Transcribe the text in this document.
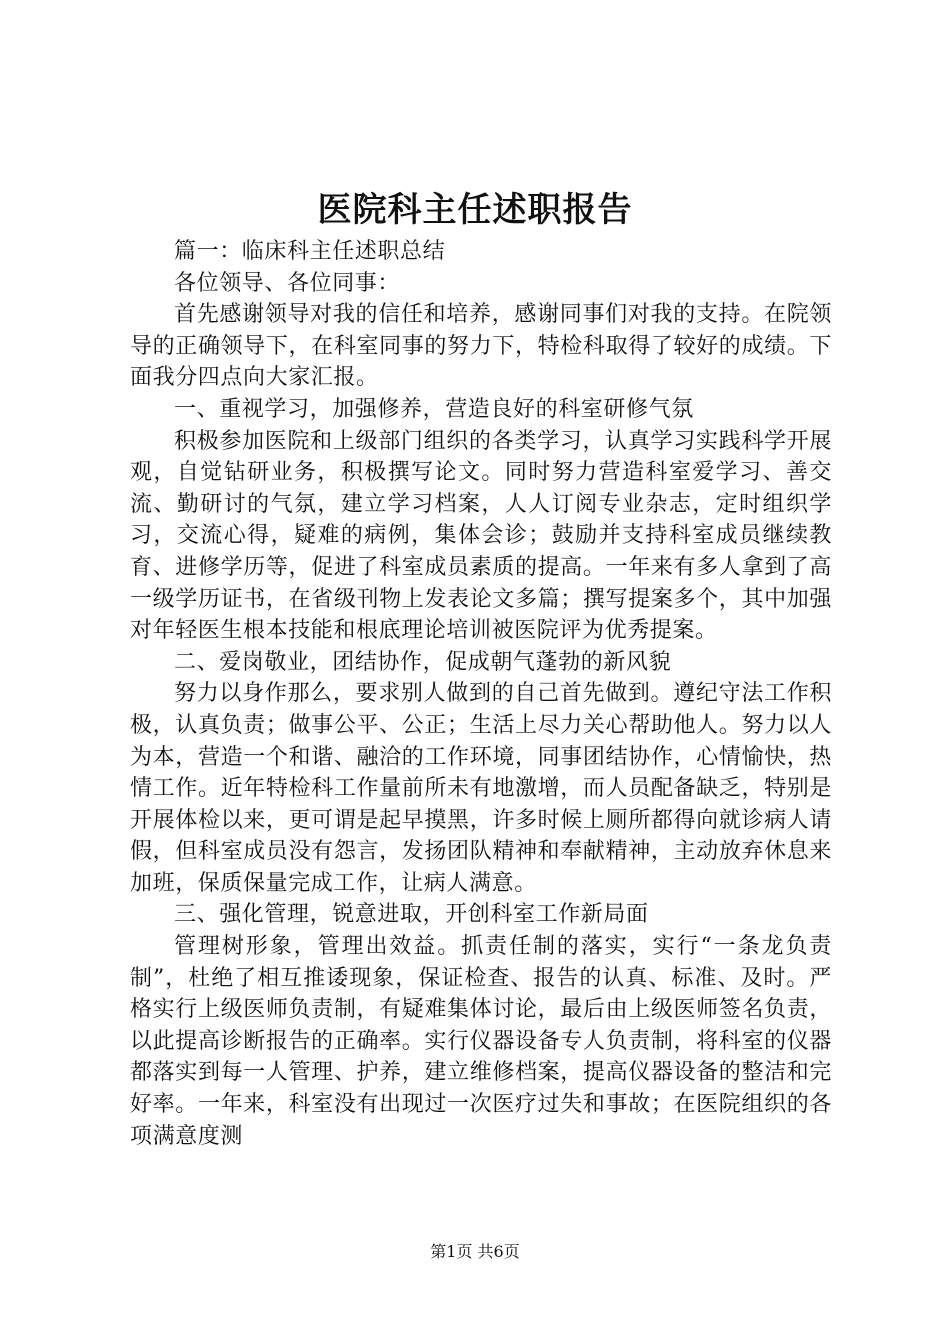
医院科主任述职报告

篇一：临床科主任述职总结

各位领导、各位同事：

首先感谢领导对我的信任和培养，感谢同事们对我的支持。在院领导的正确领导下，在科室同事的努力下，特检科取得了较好的成绩。下面我分四点向大家汇报。

一、重视学习，加强修养，营造良好的科室研修气氛

积极参加医院和上级部门组织的各类学习，认真学习实践科学开展观，自觉钻研业务，积极撰写论文。同时努力营造科室爱学习、善交流、勤研讨的气氛，建立学习档案，人人订阅专业杂志，定时组织学习，交流心得，疑难的病例，集体会诊；鼓励并支持科室成员继续教育、进修学历等，促进了科室成员素质的提高。一年来有多人拿到了高一级学历证书，在省级刊物上发表论文多篇；撰写提案多个，其中加强对年轻医生根本技能和根底理论培训被医院评为优秀提案。

二、爱岗敬业，团结协作，促成朝气蓬勃的新风貌

努力以身作那么，要求别人做到的自己首先做到。遵纪守法工作积极，认真负责；做事公平、公正；生活上尽力关心帮助他人。努力以人为本，营造一个和谐、融洽的工作环境，同事团结协作，心情愉快，热情工作。近年特检科工作量前所未有地激增，而人员配备缺乏，特别是开展体检以来，更可谓是起早摸黑，许多时候上厕所都得向就诊病人请假，但科室成员没有怨言，发扬团队精神和奉献精神，主动放弃休息来加班，保质保量完成工作，让病人满意。

三、强化管理，锐意进取，开创科室工作新局面

管理树形象，管理出效益。抓责任制的落实，实行“一条龙负责制”，杜绝了相互推诿现象，保证检查、报告的认真、标准、及时。严格实行上级医师负责制，有疑难集体讨论，最后由上级医师签名负责，以此提高诊断报告的正确率。实行仪器设备专人负责制，将科室的仪器都落实到每一人管理、护养，建立维修档案，提高仪器设备的整洁和完好率。一年来，科室没有出现过一次医疗过失和事故；在医院组织的各项满意度测

第1页 共6页
